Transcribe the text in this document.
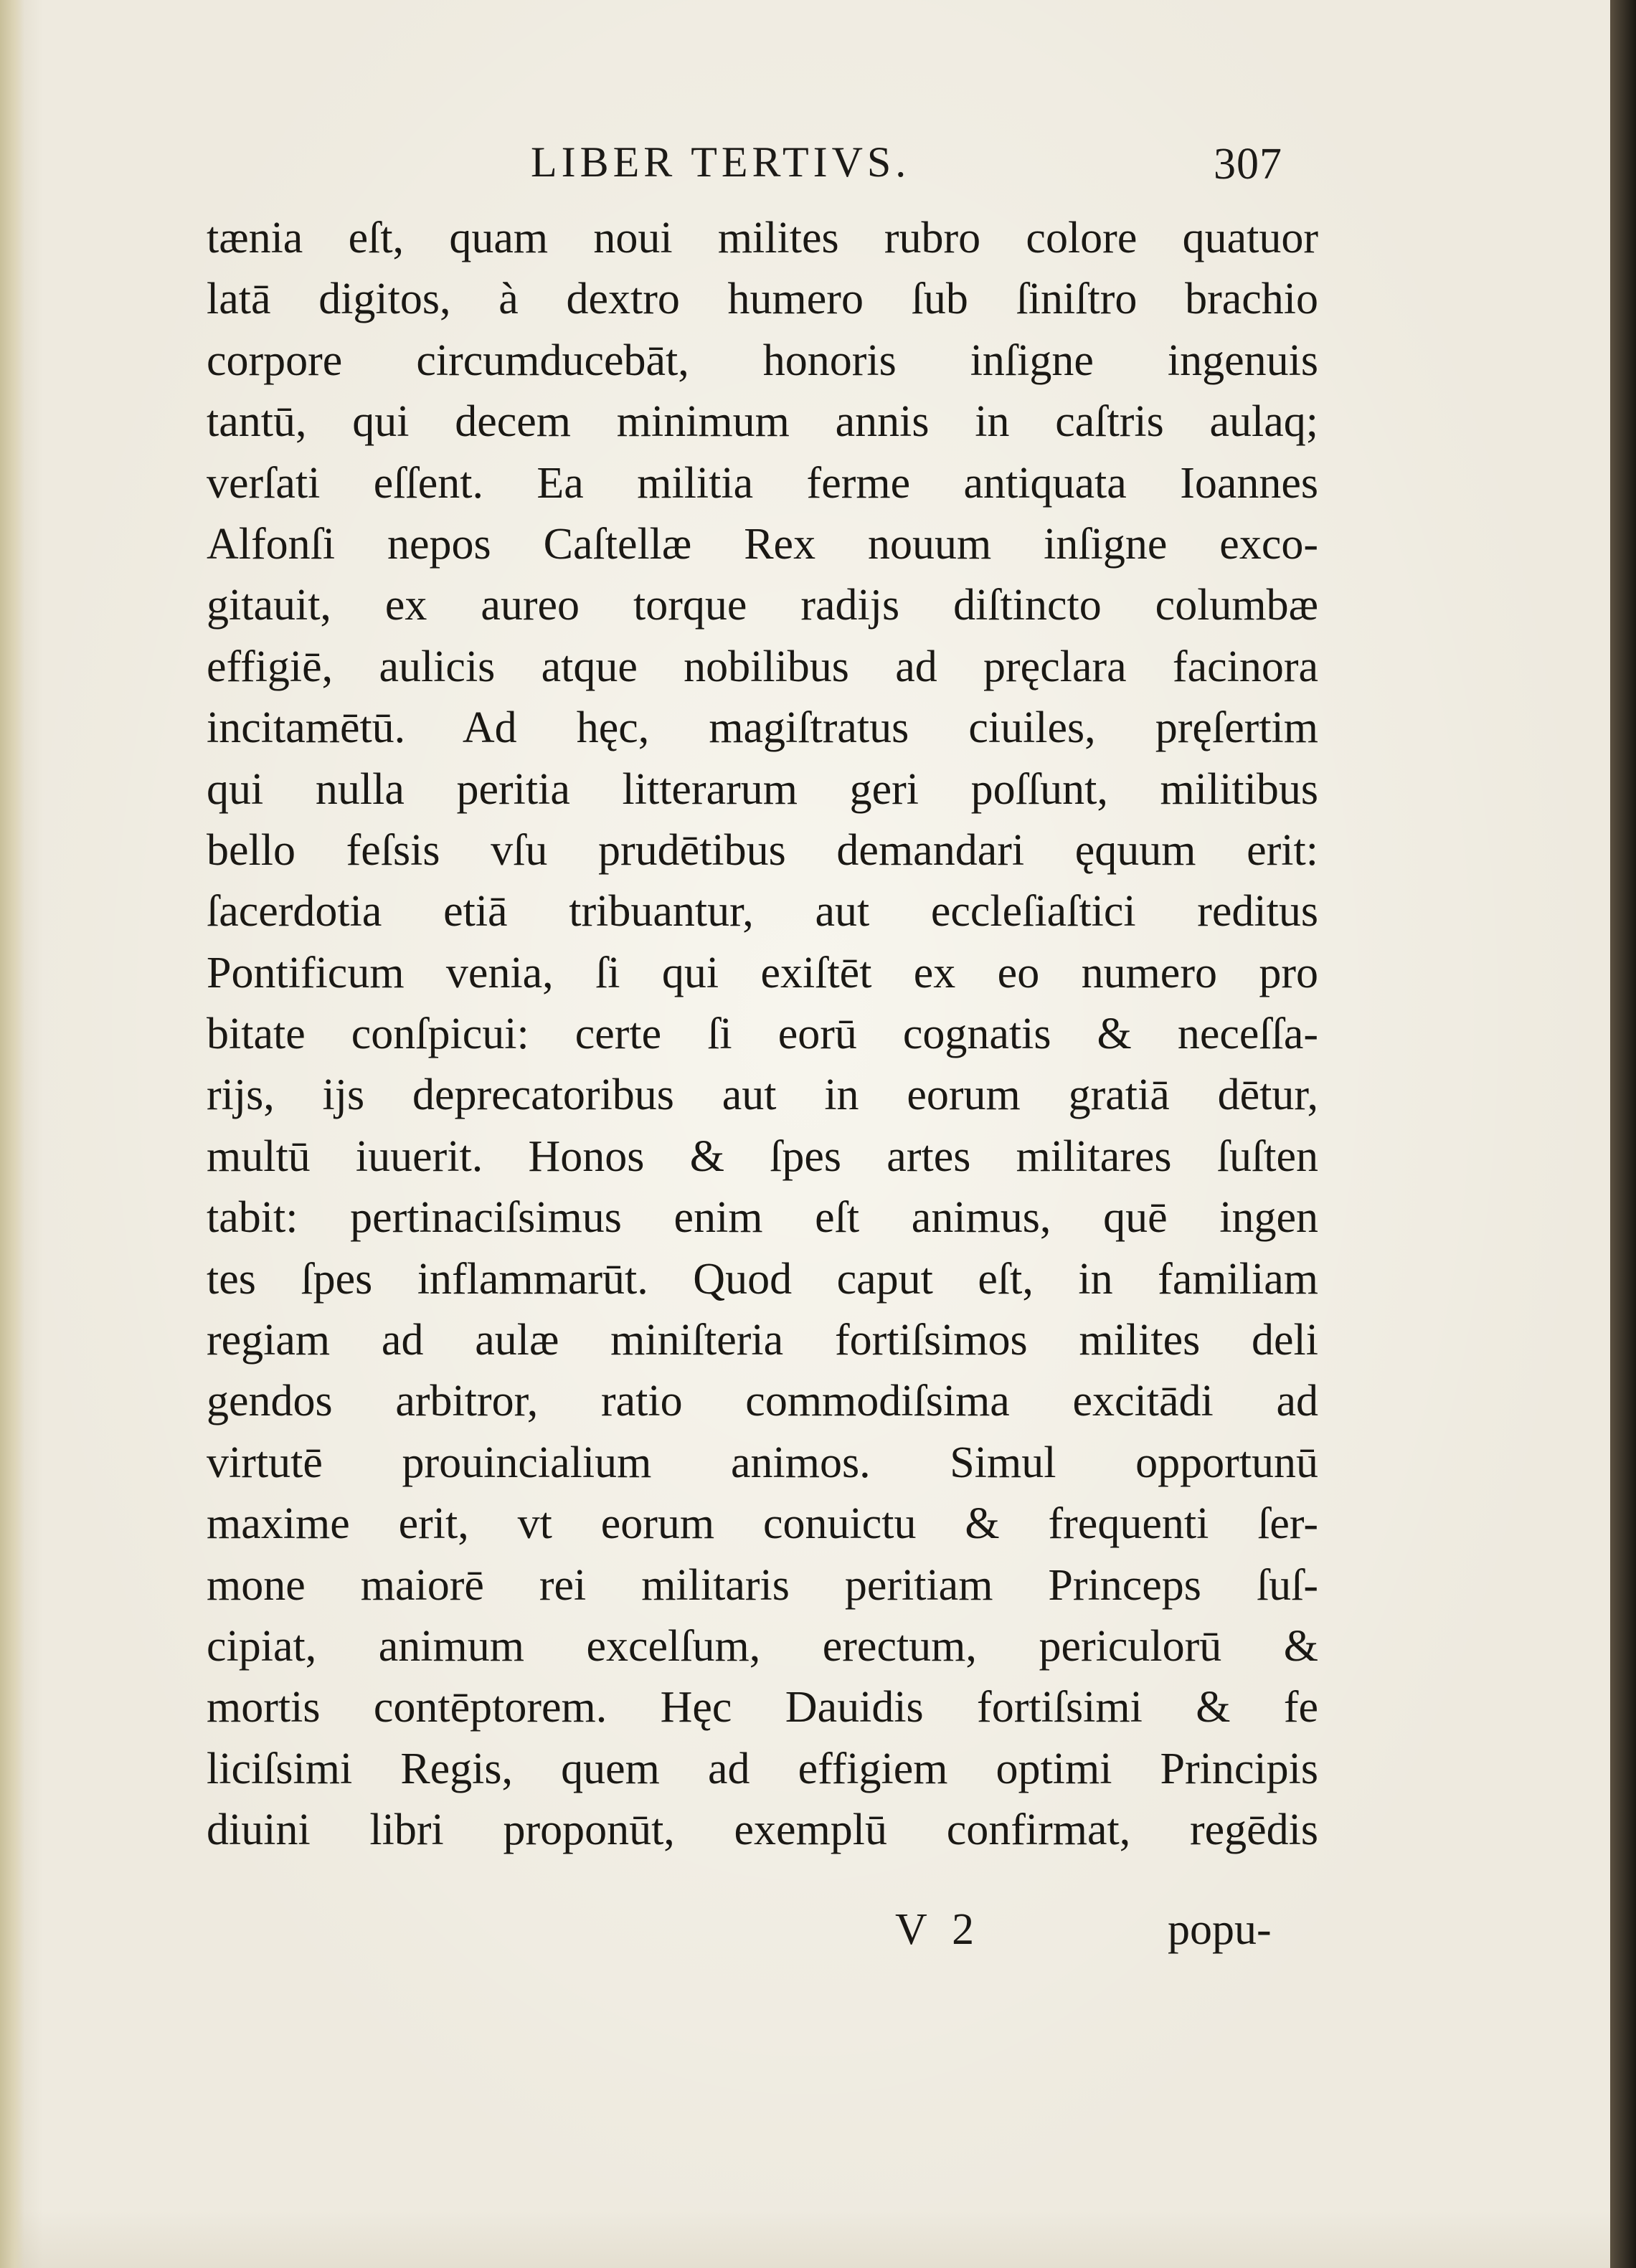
LIBER TERTIVS.	307
tænia eſt, quam noui milites rubro colore quatuor
latā digitos, à dextro humero ſub ſiniſtro brachio
corpore circumducebāt, honoris inſigne ingenuis
tantū, qui decem minimum annis in caſtris aulaq;
verſati eſſent. Ea militia ferme antiquata Ioannes
Alfonſi nepos Caſtellæ Rex nouum inſigne exco-
gitauit, ex aureo torque radijs diſtincto columbæ
effigiē, aulicis atque nobilibus ad pręclara facinora
incitamētū. Ad hęc, magiſtratus ciuiles, pręſertim
qui nulla peritia litterarum geri poſſunt, militibus
bello feſsis vſu prudētibus demandari ęquum erit:
ſacerdotia etiā tribuantur, aut eccleſiaſtici reditus
Pontificum venia, ſi qui exiſtēt ex eo numero pro
bitate conſpicui: certe ſi eorū cognatis & neceſſa-
rijs, ijs deprecatoribus aut in eorum gratiā dētur,
multū iuuerit. Honos & ſpes artes militares ſuſten
tabit: pertinaciſsimus enim eſt animus, quē ingen
tes ſpes inflammarūt. Quod caput eſt, in familiam
regiam ad aulæ miniſteria fortiſsimos milites deli
gendos arbitror, ratio commodiſsima excitādi ad
virtutē prouincialium animos. Simul opportunū
maxime erit, vt eorum conuictu & frequenti ſer-
mone maiorē rei militaris peritiam Princeps ſuſ-
cipiat, animum excelſum, erectum, periculorū &
mortis contēptorem. Hęc Dauidis fortiſsimi & fe
liciſsimi Regis, quem ad effigiem optimi Principis
diuini libri proponūt, exemplū confirmat, regēdis
V 2	popu-
